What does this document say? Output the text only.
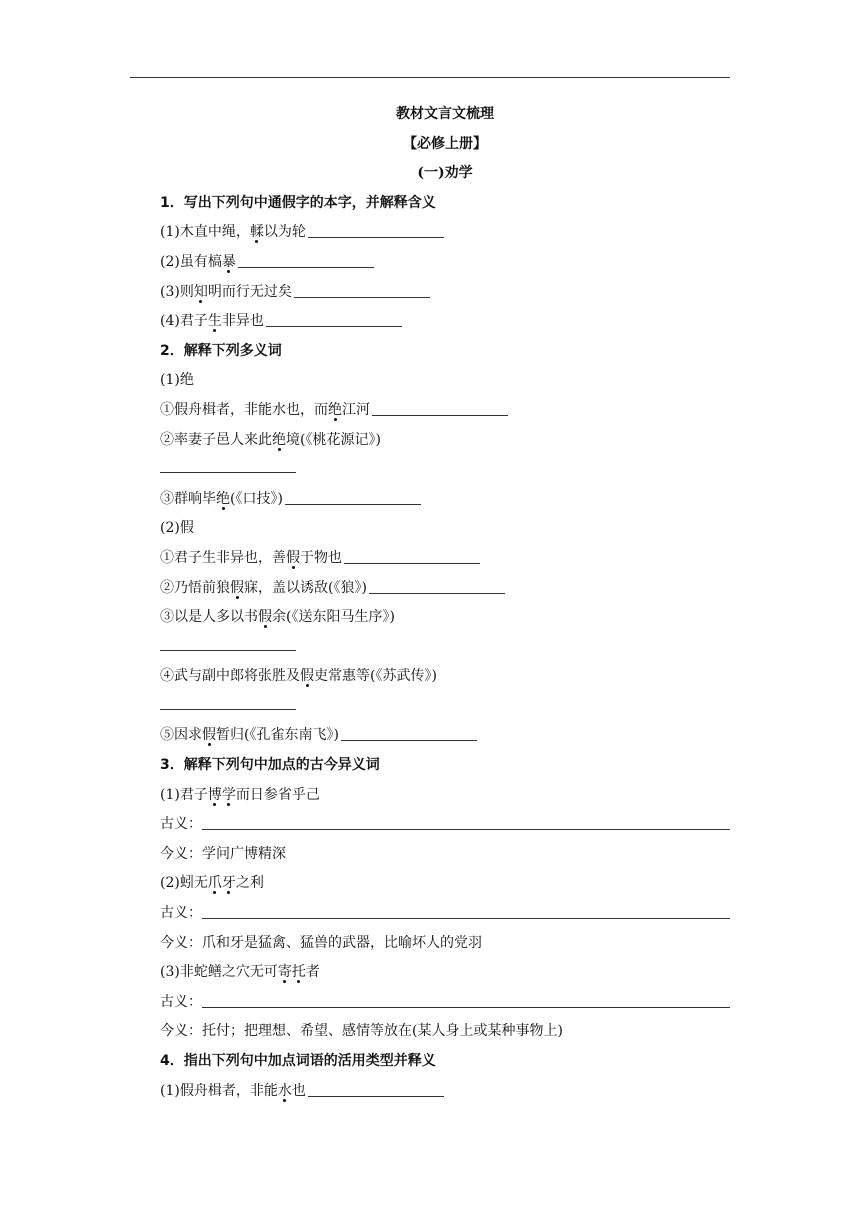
教材文言文梳理
【必修上册】
(一)劝学
1．写出下列句中通假字的本字，并解释含义
(1)木直中绳，輮以为轮
(2)虽有槁暴
(3)则知明而行无过矣
(4)君子生非异也
2．解释下列多义词
(1)绝
①假舟楫者，非能水也，而绝江河
②率妻子邑人来此绝境(《桃花源记》)
③群响毕绝(《口技》)
(2)假
①君子生非异也，善假于物也
②乃悟前狼假寐，盖以诱敌(《狼》)
③以是人多以书假余(《送东阳马生序》)
④武与副中郎将张胜及假吏常惠等(《苏武传》)
⑤因求假暂归(《孔雀东南飞》)
3．解释下列句中加点的古今异义词
(1)君子博学而日参省乎己
古义：
今义：学问广博精深
(2)蚓无爪牙之利
古义：
今义：爪和牙是猛禽、猛兽的武器，比喻坏人的党羽
(3)非蛇鳝之穴无可寄托者
古义：
今义：托付；把理想、希望、感情等放在(某人身上或某种事物上)
4．指出下列句中加点词语的活用类型并释义
(1)假舟楫者，非能水也
